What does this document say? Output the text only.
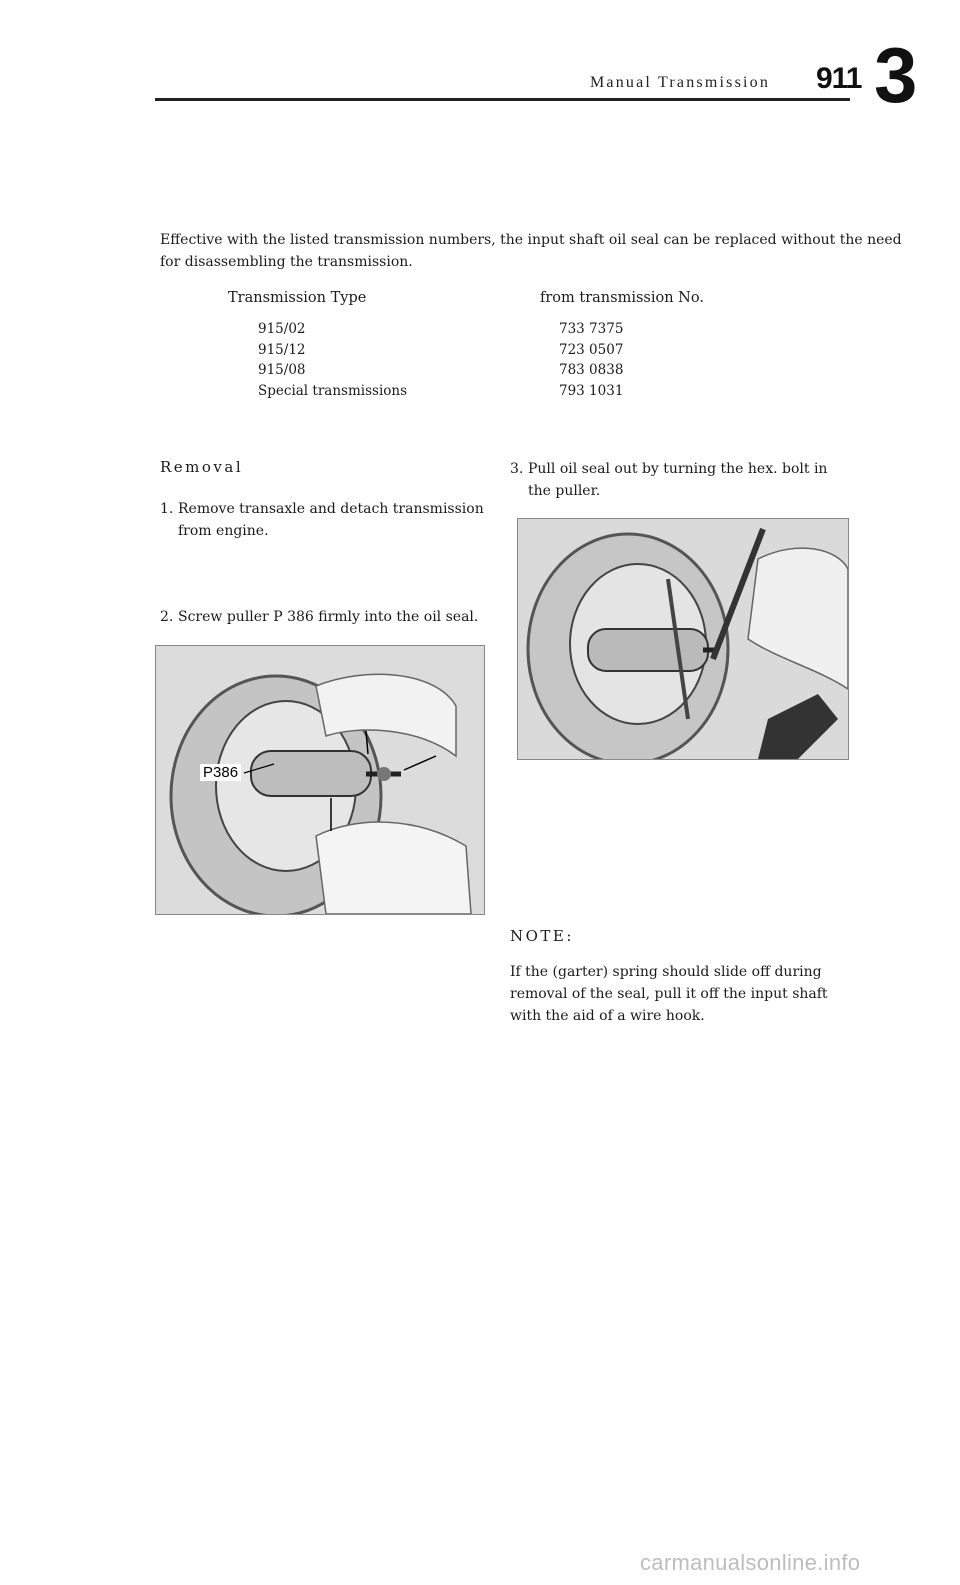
Manual Transmission 911 3
Effective with the listed transmission numbers, the input shaft oil seal can be replaced without the need
for disassembling the transmission.
Transmission Type	from transmission No.
915/02
915/12
915/08
Special transmissions
733 7375
723 0507
783 0838
793 1031
Removal
1. Remove transaxle and detach transmission
from engine.
2. Screw puller P 386 firmly into the oil seal.
P386
3. Pull oil seal out by turning the hex. bolt in
the puller.
NOTE:
If the (garter) spring should slide off during
removal of the seal, pull it off the input shaft
with the aid of a wire hook.
carmanualsonline.info
